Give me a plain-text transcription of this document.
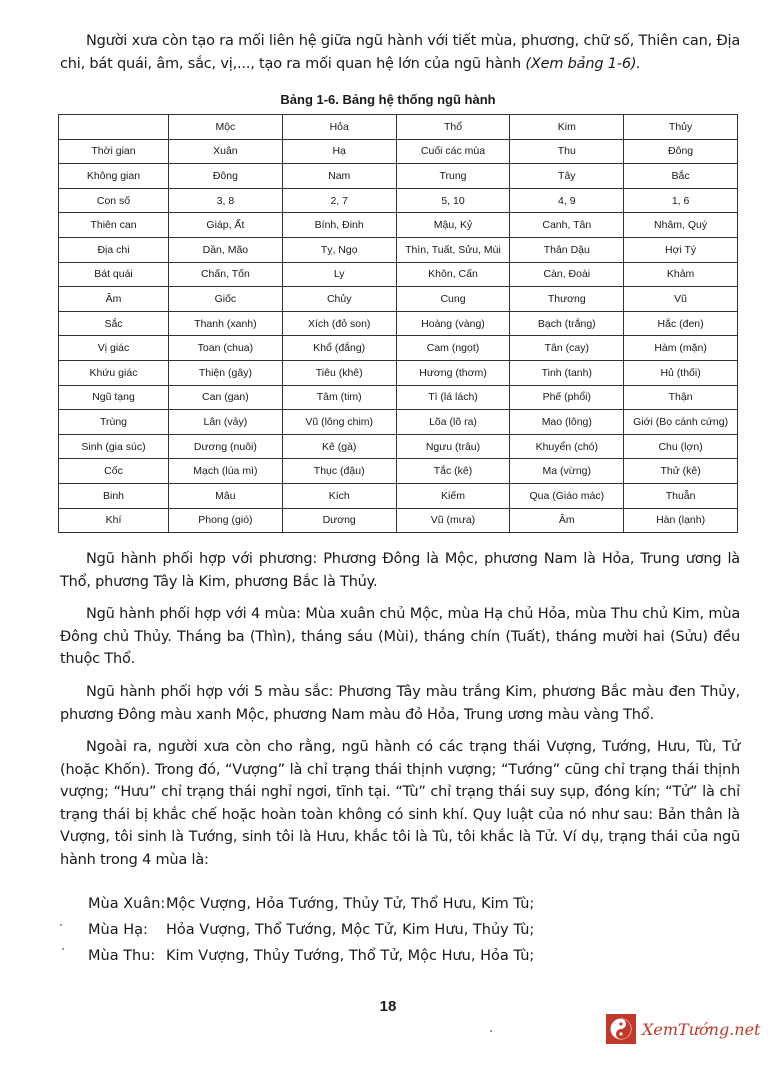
Người xưa còn tạo ra mối liên hệ giữa ngũ hành với tiết mùa, phương, chữ số, Thiên can, Địa chi, bát quái, âm, sắc, vị,..., tạo ra mối quan hệ lớn của ngũ hành (Xem bảng 1-6).

Bảng 1-6. Bảng hệ thống ngũ hành
	Mộc	Hỏa	Thổ	Kim	Thủy
Thời gian	Xuân	Hạ	Cuối các mùa	Thu	Đông
Không gian	Đông	Nam	Trung	Tây	Bắc
Con số	3, 8	2, 7	5, 10	4, 9	1, 6
Thiên can	Giáp, Ất	Bính, Đinh	Mậu, Kỷ	Canh, Tân	Nhâm, Quý
Địa chi	Dần, Mão	Tỵ, Ngọ	Thìn, Tuất, Sửu, Mùi	Thân Dậu	Hợi Tý
Bát quái	Chấn, Tốn	Ly	Khôn, Cấn	Càn, Đoài	Khảm
Âm	Giốc	Chủy	Cung	Thương	Vũ
Sắc	Thanh (xanh)	Xích (đỏ son)	Hoàng (vàng)	Bạch (trắng)	Hắc (đen)
Vị giác	Toan (chua)	Khổ (đắng)	Cam (ngọt)	Tân (cay)	Hàm (mặn)
Khứu giác	Thiện (gây)	Tiêu (khê)	Hương (thơm)	Tinh (tanh)	Hủ (thối)
Ngũ tạng	Can (gan)	Tâm (tim)	Tì (lá lách)	Phế (phổi)	Thận
Trùng	Lân (vảy)	Vũ (lông chim)	Lõa (lõ ra)	Mao (lông)	Giới (Bọ cánh cứng)
Sinh (gia súc)	Dương (nuôi)	Kê (gà)	Ngưu (trâu)	Khuyển (chó)	Chu (lợn)
Cốc	Mạch (lúa mì)	Thục (đậu)	Tắc (kê)	Ma (vừng)	Thử (kê)
Binh	Mâu	Kích	Kiếm	Qua (Giáo mác)	Thuẫn
Khí	Phong (gió)	Dương	Vũ (mưa)	Âm	Hàn (lạnh)

Ngũ hành phối hợp với phương: Phương Đông là Mộc, phương Nam là Hỏa, Trung ương là Thổ, phương Tây là Kim, phương Bắc là Thủy.

Ngũ hành phối hợp với 4 mùa: Mùa xuân chủ Mộc, mùa Hạ chủ Hỏa, mùa Thu chủ Kim, mùa Đông chủ Thủy. Tháng ba (Thìn), tháng sáu (Mùi), tháng chín (Tuất), tháng mười hai (Sửu) đều thuộc Thổ.

Ngũ hành phối hợp với 5 màu sắc: Phương Tây màu trắng Kim, phương Bắc màu đen Thủy, phương Đông màu xanh Mộc, phương Nam màu đỏ Hỏa, Trung ương màu vàng Thổ.

Ngoài ra, người xưa còn cho rằng, ngũ hành có các trạng thái Vượng, Tướng, Hưu, Tù, Tử (hoặc Khốn). Trong đó, “Vượng” là chỉ trạng thái thịnh vượng; “Tướng” cũng chỉ trạng thái thịnh vượng; “Hưu” chỉ trạng thái nghỉ ngơi, tĩnh tại. “Tù” chỉ trạng thái suy sụp, đóng kín; “Tử” là chỉ trạng thái bị khắc chế hoặc hoàn toàn không có sinh khí. Quy luật của nó như sau: Bản thân là Vượng, tôi sinh là Tướng, sinh tôi là Hưu, khắc tôi là Tù, tôi khắc là Tử. Ví dụ, trạng thái của ngũ hành trong 4 mùa là:

Mùa Xuân: Mộc Vượng, Hỏa Tướng, Thủy Tử, Thổ Hưu, Kim Tù;
Mùa Hạ:	Hỏa Vượng, Thổ Tướng, Mộc Tử, Kim Hưu, Thủy Tù;
Mùa Thu: Kim Vượng, Thủy Tướng, Thổ Tử, Mộc Hưu, Hỏa Tù;
18
XemTướng.net
